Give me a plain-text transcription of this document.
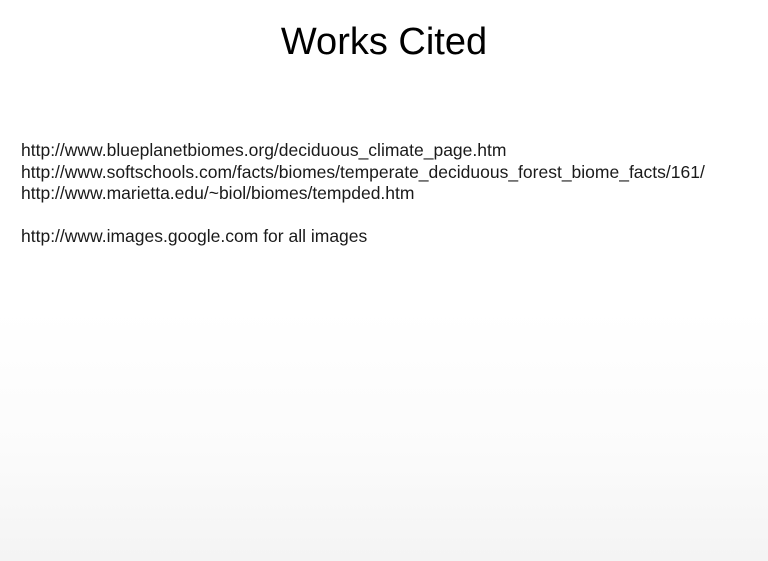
Works Cited
http://www.blueplanetbiomes.org/deciduous_climate_page.htm
http://www.softschools.com/facts/biomes/temperate_deciduous_forest_biome_facts/161/
http://www.marietta.edu/~biol/biomes/tempded.htm
http://www.images.google.com for all images
